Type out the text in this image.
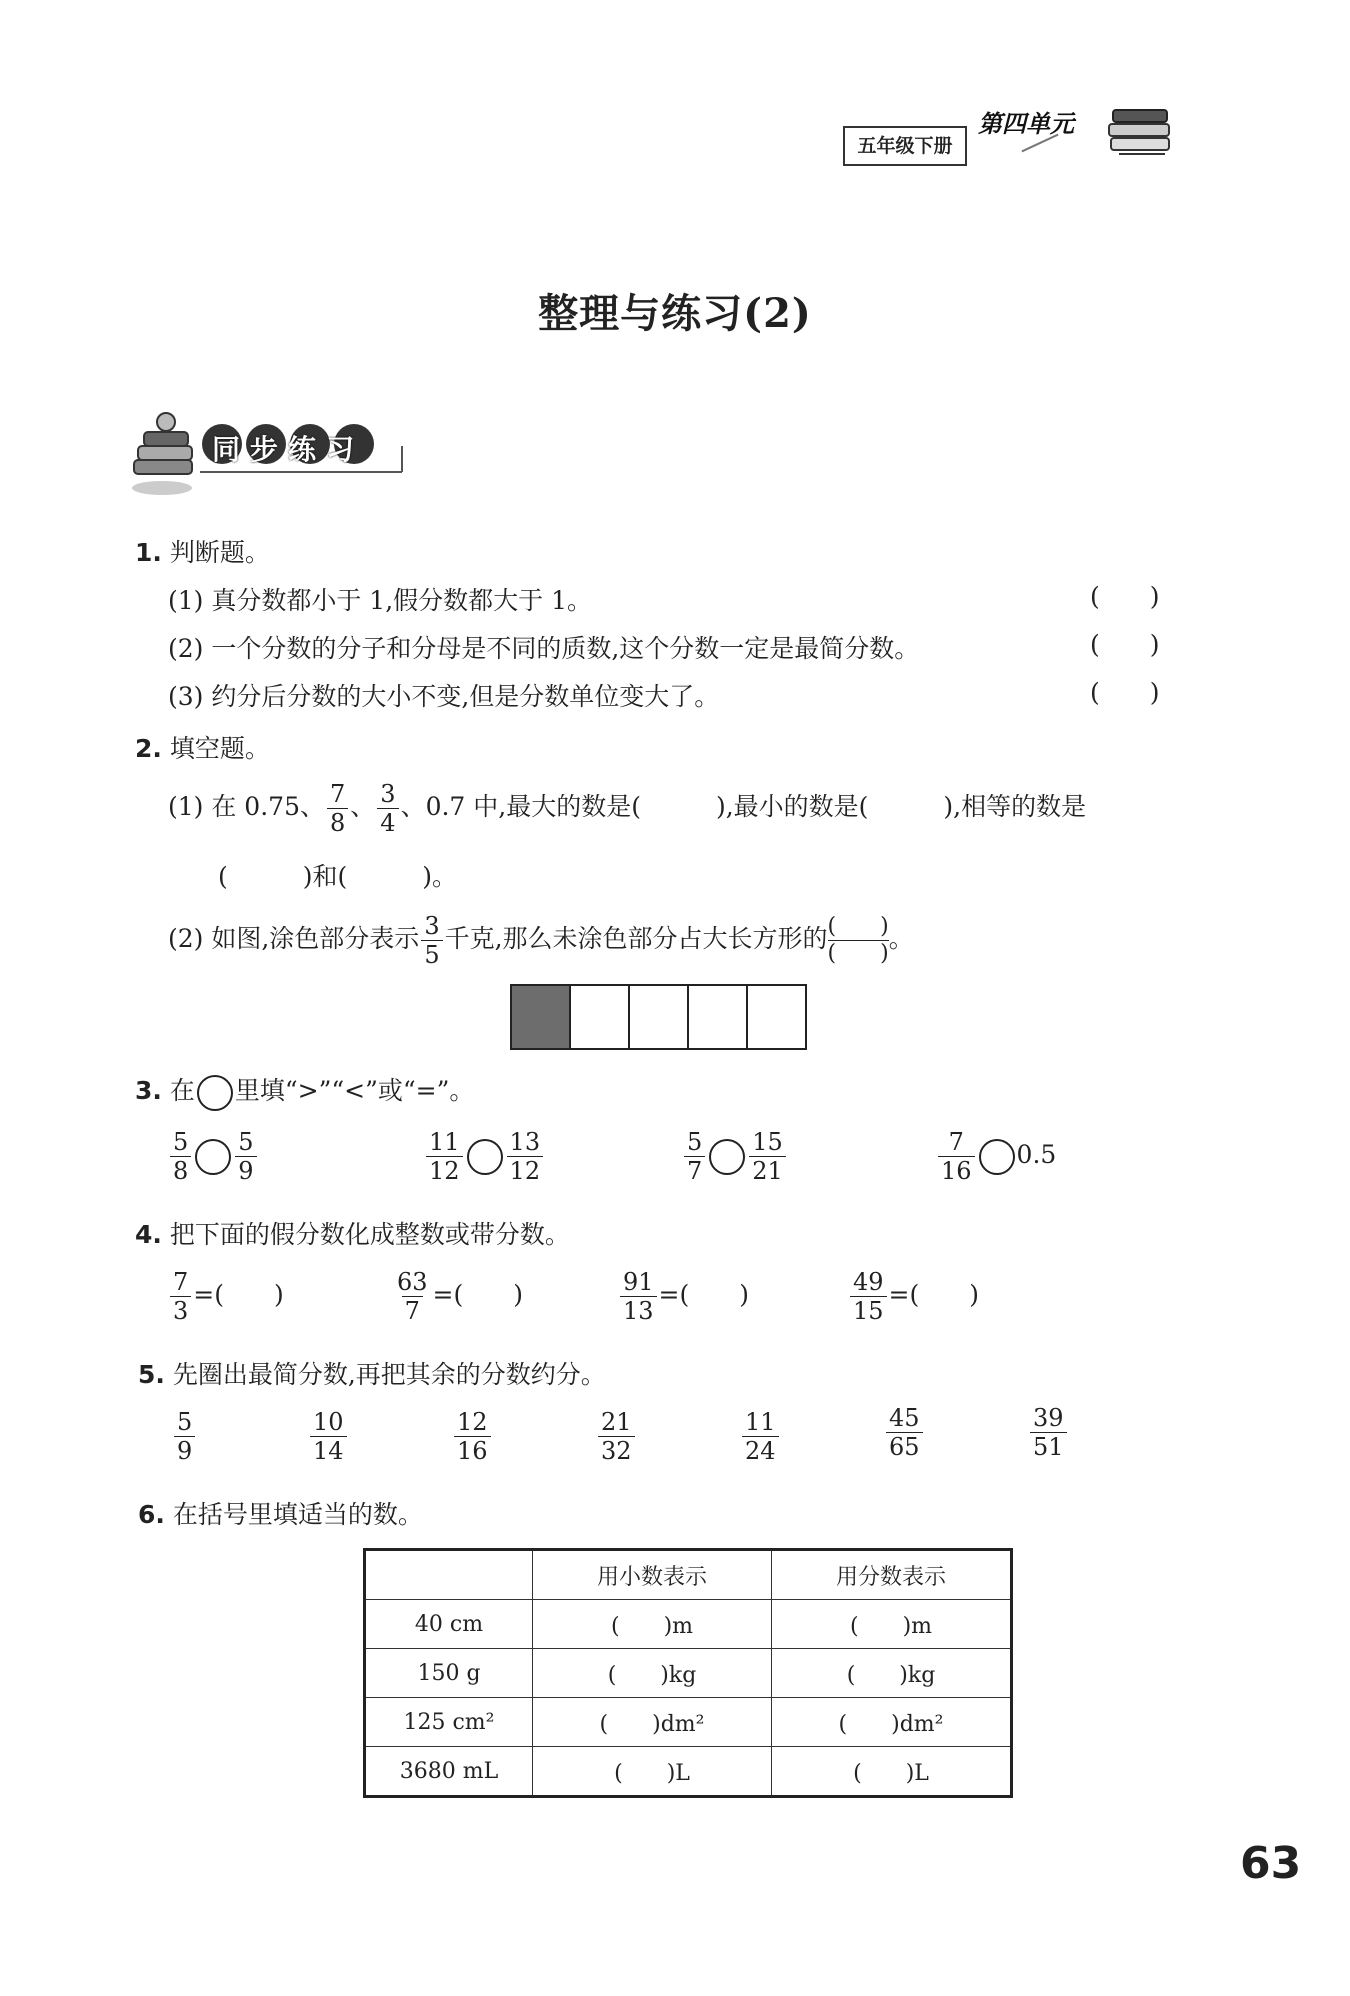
五年级下册
第四单元
整理与练习(2)
同步练习
1. 判断题。
(1) 真分数都小于 1,假分数都大于 1。	(　　)
(2) 一个分数的分子和分母是不同的质数,这个分数一定是最简分数。	(　　)
(3) 约分后分数的大小不变,但是分数单位变大了。	(　　)
2. 填空题。
(1) 在 0.75、 $\frac{7}{8}$ 、 $\frac{3}{4}$ 、0.7 中,最大的数是(　　　),最小的数是(　　　),相等的数是
(　　　)和(　　　)。
(2) 如图,涂色部分表示 $\frac{3}{5}$ 千克,那么未涂色部分占大长方形的 (　　)
(　　)
。
3. 在 里填“>”“<”或“=”。
$\frac{5}{8} \frac{5}{9}$	$\frac{11}{12} \frac{13}{12}$	$\frac{5}{7} \frac{15}{21}$	$\frac{7}{16} 0.5$
4. 把下面的假分数化成整数或带分数。
$\frac{7}{3}$ =(　　)	$\frac{63}{7}$ =(　　)	$\frac{91}{13}$ =(　　)	$\frac{49}{15}$ =(　　)
5. 先圈出最简分数,再把其余的分数约分。
$\frac{5}{9}$	$\frac{10}{14}$	$\frac{12}{16}$	$\frac{21}{32}$	$\frac{11}{24}$	$\frac{45}{65}$	$\frac{39}{51}$
6. 在括号里填适当的数。
	用小数表示	用分数表示
40 cm	(　　)m	(　　)m
150 g	(　　)kg	(　　)kg
125 cm²	(　　)dm²	(　　)dm²
3680 mL	(　　)L	(　　)L
63
